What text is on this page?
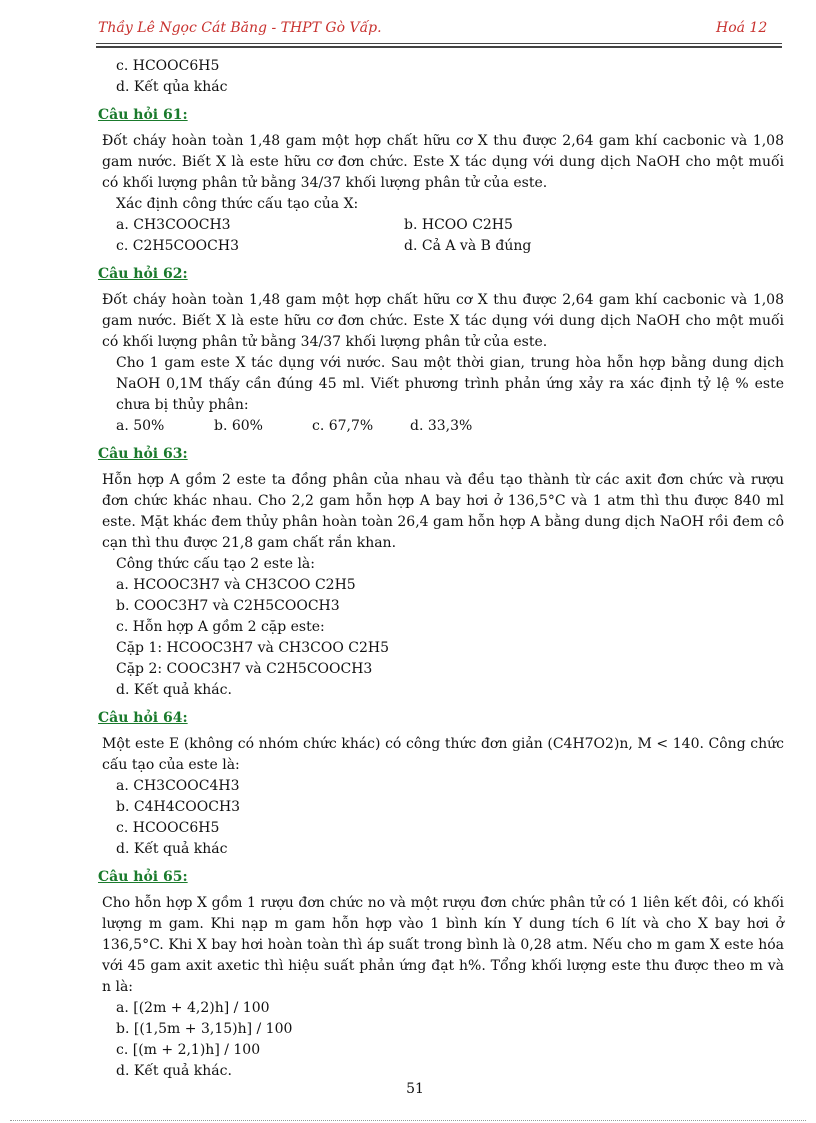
Thầy Lê Ngọc Cát Băng - THPT Gò Vấp.	Hoá 12
c. HCOOC6H5
d. Kết qủa khác
Câu hỏi 61:
Đốt cháy hoàn toàn 1,48 gam một hợp chất hữu cơ X thu được 2,64 gam khí cacbonic và 1,08 gam nước. Biết X là este hữu cơ đơn chức. Este X tác dụng với dung dịch NaOH cho một muối có khối lượng phân tử bằng 34/37 khối lượng phân tử của este.
Xác định công thức cấu tạo của X:
a. CH3COOCH3	b. HCOO C2H5
c. C2H5COOCH3	d. Cả A và B đúng
Câu hỏi 62:
Đốt cháy hoàn toàn 1,48 gam một hợp chất hữu cơ X thu được 2,64 gam khí cacbonic và 1,08 gam nước. Biết X là este hữu cơ đơn chức. Este X tác dụng với dung dịch NaOH cho một muối có khối lượng phân tử bằng 34/37 khối lượng phân tử của este.
Cho 1 gam este X tác dụng với nước. Sau một thời gian, trung hòa hỗn hợp bằng dung dịch NaOH 0,1M thấy cần đúng 45 ml. Viết phương trình phản ứng xảy ra xác định tỷ lệ % este chưa bị thủy phân:
a. 50%	b. 60%	c. 67,7%	d. 33,3%
Câu hỏi 63:
Hỗn hợp A gồm 2 este ta đồng phân của nhau và đều tạo thành từ các axit đơn chức và rượu đơn chức khác nhau. Cho 2,2 gam hỗn hợp A bay hơi ở 136,5°C và 1 atm thì thu được 840 ml este. Mặt khác đem thủy phân hoàn toàn 26,4 gam hỗn hợp A bằng dung dịch NaOH rồi đem cô cạn thì thu được 21,8 gam chất rắn khan.
Công thức cấu tạo 2 este là:
a. HCOOC3H7 và CH3COO C2H5
b. COOC3H7 và C2H5COOCH3
c. Hỗn hợp A gồm 2 cặp este:
Cặp 1: HCOOC3H7 và CH3COO C2H5
Cặp 2: COOC3H7 và C2H5COOCH3
d. Kết quả khác.
Câu hỏi 64:
Một este E (không có nhóm chức khác) có công thức đơn giản (C4H7O2)n, M < 140. Công chức cấu tạo của este là:
a. CH3COOC4H3
b. C4H4COOCH3
c. HCOOC6H5
d. Kết quả khác
Câu hỏi 65:
Cho hỗn hợp X gồm 1 rượu đơn chức no và một rượu đơn chức phân tử có 1 liên kết đôi, có khối lượng m gam. Khi nạp m gam hỗn hợp vào 1 bình kín Y dung tích 6 lít và cho X bay hơi ở 136,5°C. Khi X bay hơi hoàn toàn thì áp suất trong bình là 0,28 atm. Nếu cho m gam X este hóa với 45 gam axit axetic thì hiệu suất phản ứng đạt h%. Tổng khối lượng este thu được theo m và n là:
a. [(2m + 4,2)h] / 100
b. [(1,5m + 3,15)h] / 100
c. [(m + 2,1)h] / 100
d. Kết quả khác.
51
